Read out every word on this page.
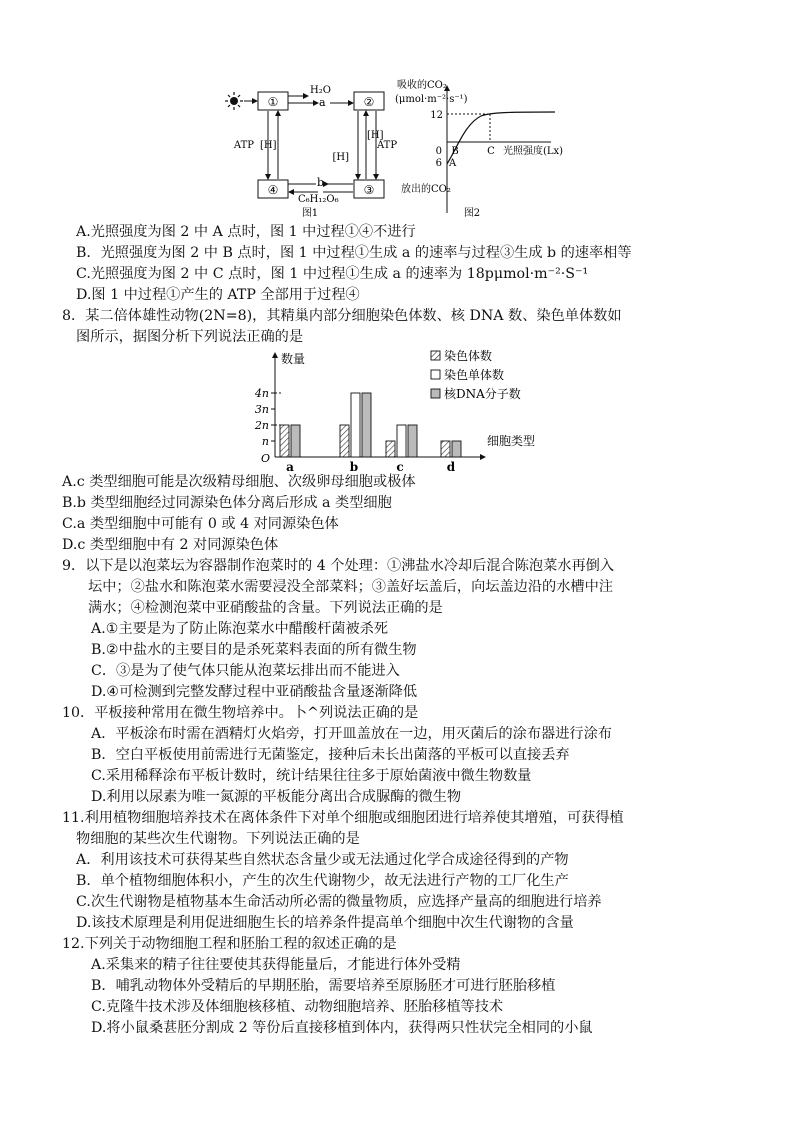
①	②
③
④
H₂O
a
b
C₆H₁₂O₆
ATP [H]
[H]
ATP
[H]
图1
吸收的CO₂
(μmol·m⁻²·s⁻¹)
12
0 B	C
6 A
光照强度(Lx)
放出的CO₂
图2
A.光照强度为图 2 中 A 点时，图 1 中过程①④不进行
B．光照强度为图 2 中 B 点时，图 1 中过程①生成 a 的速率与过程③生成 b 的速率相等
C.光照强度为图 2 中 C 点时，图 1 中过程①生成 a 的速率为 18pμmol·m⁻²·S⁻¹
D.图 1 中过程①产生的 ATP 全部用于过程④
8．某二倍体雄性动物(2N=8)，其精巢内部分细胞染色体数、核 DNA 数、染色单体数如
图所示，据图分析下列说法正确的是
数量
细胞类型
O
4n
3n
2n
n
a	b	c	d
染色体数
染色单体数
核DNA分子数
A.c 类型细胞可能是次级精母细胞、次级卵母细胞或极体
B.b 类型细胞经过同源染色体分离后形成 a 类型细胞
C.a 类型细胞中可能有 0 或 4 对同源染色体
D.c 类型细胞中有 2 对同源染色体
9．以下是以泡菜坛为容器制作泡菜时的 4 个处理：①沸盐水冷却后混合陈泡菜水再倒入
坛中；②盐水和陈泡菜水需要浸没全部菜料；③盖好坛盖后，向坛盖边沿的水槽中注
满水；④检测泡菜中亚硝酸盐的含量。下列说法正确的是
A.①主要是为了防止陈泡菜水中醋酸杆菌被杀死
B.②中盐水的主要目的是杀死菜料表面的所有微生物
C．③是为了使气体只能从泡菜坛排出而不能进入
D.④可检测到完整发酵过程中亚硝酸盐含量逐渐降低
10．平板接种常用在微生物培养中。卜^列说法正确的是
A．平板涂布时需在酒精灯火焰旁，打开皿盖放在一边，用灭菌后的涂布器进行涂布
B．空白平板使用前需进行无菌鉴定，接种后未长出菌落的平板可以直接丢弃
C.采用稀释涂布平板计数时，统计结果往往多于原始菌液中微生物数量
D.利用以尿素为唯一氮源的平板能分离出合成脲酶的微生物
11.利用植物细胞培养技术在离体条件下对单个细胞或细胞团进行培养使其增殖，可获得植
物细胞的某些次生代谢物。下列说法正确的是
A．利用该技术可获得某些自然状态含量少或无法通过化学合成途径得到的产物
B．单个植物细胞体积小，产生的次生代谢物少，故无法进行产物的工厂化生产
C.次生代谢物是植物基本生命活动所必需的微量物质，应选择产量高的细胞进行培养
D.该技术原理是利用促进细胞生长的培养条件提高单个细胞中次生代谢物的含量
12.下列关于动物细胞工程和胚胎工程的叙述正确的是
A.采集来的精子往往要使其获得能量后，才能进行体外受精
B．哺乳动物体外受精后的早期胚胎，需要培养至原肠胚才可进行胚胎移植
C.克隆牛技术涉及体细胞核移植、动物细胞培养、胚胎移植等技术
D.将小鼠桑葚胚分割成 2 等份后直接移植到体内，获得两只性状完全相同的小鼠
